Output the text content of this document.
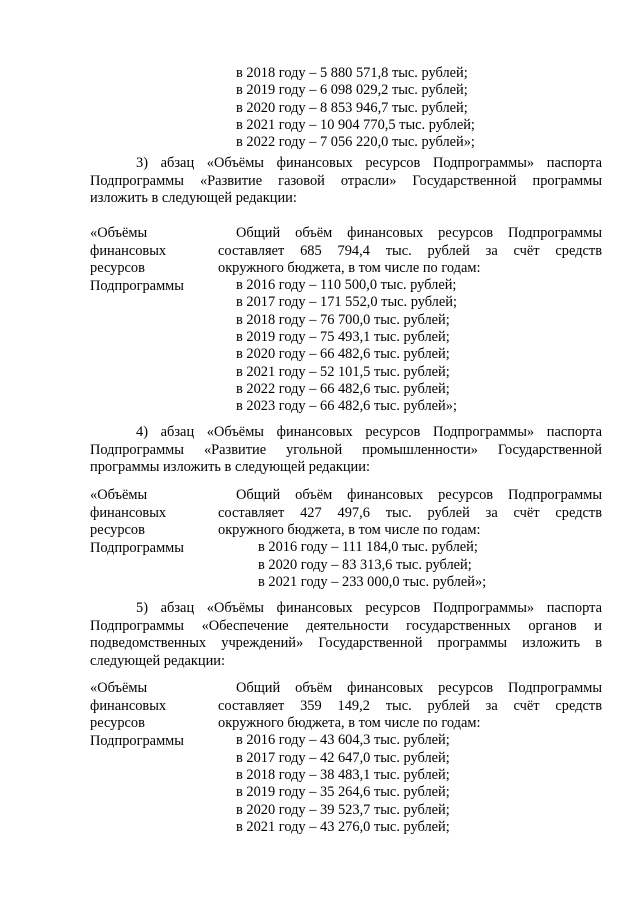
в 2018 году – 5 880 571,8 тыс. рублей;
в 2019 году – 6 098 029,2 тыс. рублей;
в 2020 году – 8 853 946,7 тыс. рублей;
в 2021 году – 10 904 770,5 тыс. рублей;
в 2022 году – 7 056 220,0 тыс. рублей»;
3) абзац «Объёмы финансовых ресурсов Подпрограммы» паспорта
Подпрограммы «Развитие газовой отрасли» Государственной программы
изложить в следующей редакции:
«Объёмы
финансовых
ресурсов
Подпрограммы
Общий объём финансовых ресурсов Подпрограммы
составляет 685 794,4 тыс. рублей за счёт средств
окружного бюджета, в том числе по годам:
в 2016 году – 110 500,0 тыс. рублей;
в 2017 году – 171 552,0 тыс. рублей;
в 2018 году – 76 700,0 тыс. рублей;
в 2019 году – 75 493,1 тыс. рублей;
в 2020 году – 66 482,6 тыс. рублей;
в 2021 году – 52 101,5 тыс. рублей;
в 2022 году – 66 482,6 тыс. рублей;
в 2023 году – 66 482,6 тыс. рублей»;
4) абзац «Объёмы финансовых ресурсов Подпрограммы» паспорта
Подпрограммы «Развитие угольной промышленности» Государственной
программы изложить в следующей редакции:
«Объёмы
финансовых
ресурсов
Подпрограммы
Общий объём финансовых ресурсов Подпрограммы
составляет 427 497,6 тыс. рублей за счёт средств
окружного бюджета, в том числе по годам:
в 2016 году – 111 184,0 тыс. рублей;
в 2020 году – 83 313,6 тыс. рублей;
в 2021 году – 233 000,0 тыс. рублей»;
5) абзац «Объёмы финансовых ресурсов Подпрограммы» паспорта
Подпрограммы «Обеспечение деятельности государственных органов и
подведомственных учреждений» Государственной программы изложить в
следующей редакции:
«Объёмы
финансовых
ресурсов
Подпрограммы
Общий объём финансовых ресурсов Подпрограммы
составляет 359 149,2 тыс. рублей за счёт средств
окружного бюджета, в том числе по годам:
в 2016 году – 43 604,3 тыс. рублей;
в 2017 году – 42 647,0 тыс. рублей;
в 2018 году – 38 483,1 тыс. рублей;
в 2019 году – 35 264,6 тыс. рублей;
в 2020 году – 39 523,7 тыс. рублей;
в 2021 году – 43 276,0 тыс. рублей;
